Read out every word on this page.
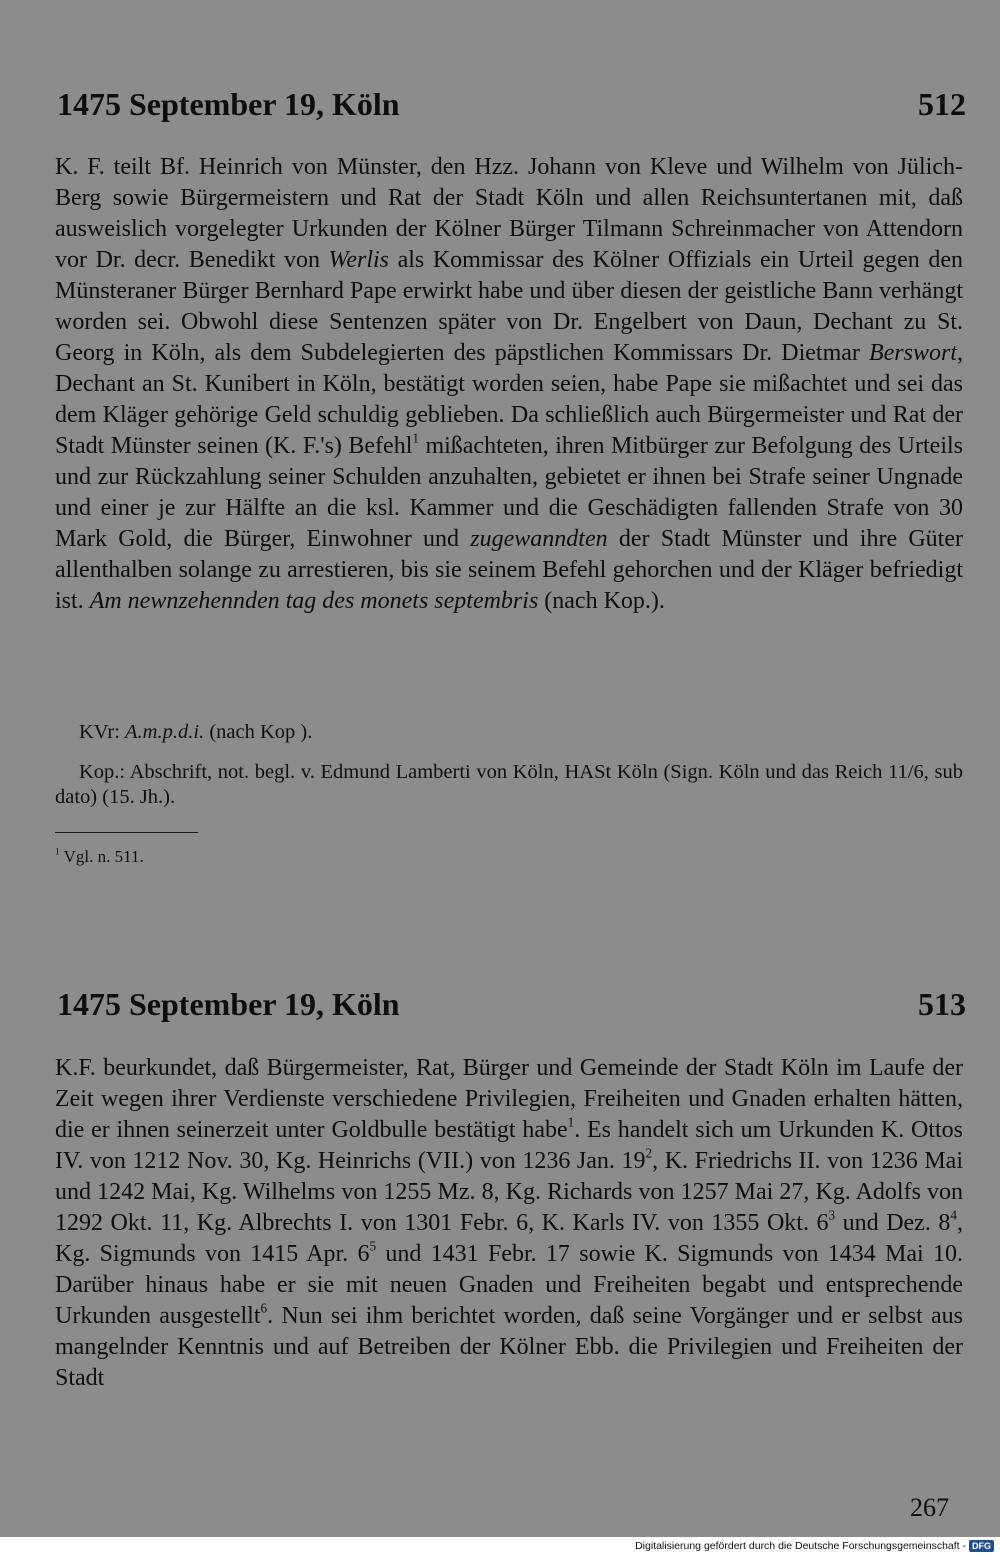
1475 September 19, Köln	512

K. F. teilt Bf. Heinrich von Münster, den Hzz. Johann von Kleve und Wilhelm von Jülich-Berg sowie Bürgermeistern und Rat der Stadt Köln und allen Reichsuntertanen mit, daß ausweislich vorgelegter Urkunden der Kölner Bürger Tilmann Schreinmacher von Attendorn vor Dr. decr. Benedikt von Werlis als Kommissar des Kölner Offizials ein Urteil gegen den Münsteraner Bürger Bernhard Pape erwirkt habe und über diesen der geistliche Bann verhängt worden sei. Obwohl diese Sentenzen später von Dr. Engelbert von Daun, Dechant zu St. Georg in Köln, als dem Subdelegierten des päpstlichen Kommissars Dr. Dietmar Berswort, Dechant an St. Kunibert in Köln, bestätigt worden seien, habe Pape sie mißachtet und sei das dem Kläger gehörige Geld schuldig geblieben. Da schließlich auch Bürgermeister und Rat der Stadt Münster seinen (K. F.'s) Befehl$^1$ mißachteten, ihren Mitbürger zur Befolgung des Urteils und zur Rückzahlung seiner Schulden anzuhalten, gebietet er ihnen bei Strafe seiner Ungnade und einer je zur Hälfte an die ksl. Kammer und die Geschädigten fallenden Strafe von 30 Mark Gold, die Bürger, Einwohner und zugewanndten der Stadt Münster und ihre Güter allenthalben solange zu arrestieren, bis sie seinem Befehl gehorchen und der Kläger befriedigt ist. Am newnzehennden tag des monets septembris (nach Kop.).

KVr: A.m.p.d.i. (nach Kop ).

Kop.: Abschrift, not. begl. v. Edmund Lamberti von Köln, HASt Köln (Sign. Köln und das Reich 11/6, sub dato) (15. Jh.).

$^1$ Vgl. n. 511.
1475 September 19, Köln	513

K.F. beurkundet, daß Bürgermeister, Rat, Bürger und Gemeinde der Stadt Köln im Laufe der Zeit wegen ihrer Verdienste verschiedene Privilegien, Freiheiten und Gnaden erhalten hätten, die er ihnen seinerzeit unter Goldbulle bestätigt habe$^1$. Es handelt sich um Urkunden K. Ottos IV. von 1212 Nov. 30, Kg. Heinrichs (VII.) von 1236 Jan. $19^2$, K. Friedrichs II. von 1236 Mai und 1242 Mai, Kg. Wilhelms von 1255 Mz. 8, Kg. Richards von 1257 Mai 27, Kg. Adolfs von 1292 Okt. 11, Kg. Albrechts I. von 1301 Febr. 6, K. Karls IV. von 1355 Okt. $6^3$ und Dez. $8^4$, Kg. Sigmunds von 1415 Apr. $6^5$ und 1431 Febr. 17 sowie K. Sigmunds von 1434 Mai 10. Darüber hinaus habe er sie mit neuen Gnaden und Freiheiten begabt und entsprechende Urkunden ausgestellt$^6$. Nun sei ihm berichtet worden, daß seine Vorgänger und er selbst aus mangelnder Kenntnis und auf Betreiben der Kölner Ebb. die Privilegien und Freiheiten der Stadt

267
Digitalisierung gefördert durch die Deutsche Forschungsgemeinschaft - DFG
